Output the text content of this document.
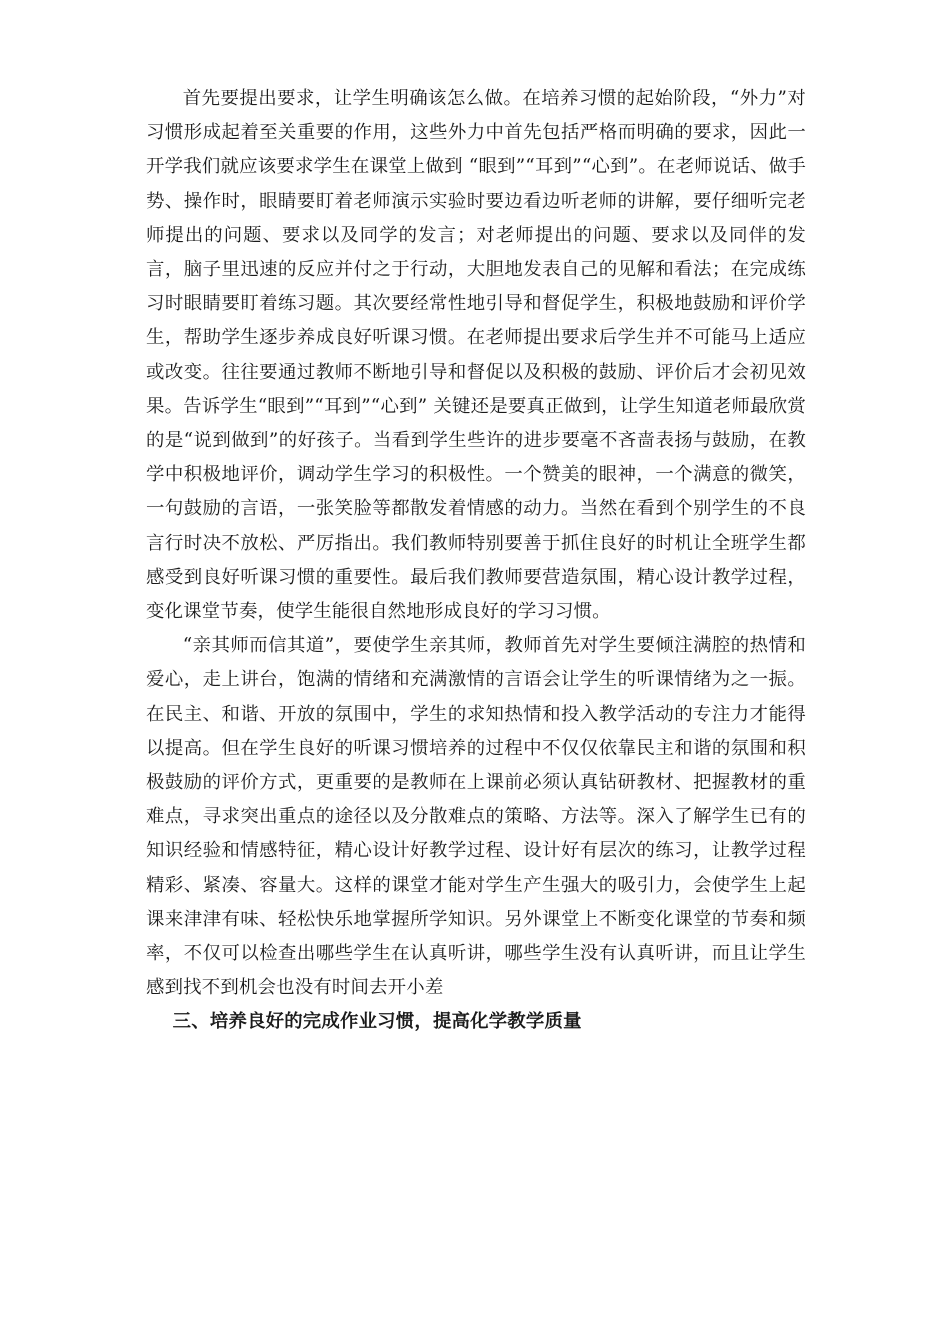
首先要提出要求，让学生明确该怎么做。在培养习惯的起始阶段，“外力”对习惯形成起着至关重要的作用，这些外力中首先包括严格而明确的要求，因此一开学我们就应该要求学生在课堂上做到 “眼到”“耳到”“心到”。在老师说话、做手势、操作时，眼睛要盯着老师演示实验时要边看边听老师的讲解，要仔细听完老师提出的问题、要求以及同学的发言；对老师提出的问题、要求以及同伴的发言，脑子里迅速的反应并付之于行动，大胆地发表自己的见解和看法；在完成练习时眼睛要盯着练习题。其次要经常性地引导和督促学生，积极地鼓励和评价学生，帮助学生逐步养成良好听课习惯。在老师提出要求后学生并不可能马上适应或改变。往往要通过教师不断地引导和督促以及积极的鼓励、评价后才会初见效果。告诉学生“眼到”“耳到”“心到” 关键还是要真正做到，让学生知道老师最欣赏的是“说到做到”的好孩子。当看到学生些许的进步要毫不吝啬表扬与鼓励，在教学中积极地评价，调动学生学习的积极性。一个赞美的眼神，一个满意的微笑，一句鼓励的言语，一张笑脸等都散发着情感的动力。当然在看到个别学生的不良言行时决不放松、严厉指出。我们教师特别要善于抓住良好的时机让全班学生都感受到良好听课习惯的重要性。最后我们教师要营造氛围，精心设计教学过程，变化课堂节奏，使学生能很自然地形成良好的学习习惯。

“亲其师而信其道”，要使学生亲其师，教师首先对学生要倾注满腔的热情和爱心，走上讲台，饱满的情绪和充满激情的言语会让学生的听课情绪为之一振。在民主、和谐、开放的氛围中，学生的求知热情和投入教学活动的专注力才能得以提高。但在学生良好的听课习惯培养的过程中不仅仅依靠民主和谐的氛围和积极鼓励的评价方式，更重要的是教师在上课前必须认真钻研教材、把握教材的重难点，寻求突出重点的途径以及分散难点的策略、方法等。深入了解学生已有的知识经验和情感特征，精心设计好教学过程、设计好有层次的练习，让教学过程精彩、紧凑、容量大。这样的课堂才能对学生产生强大的吸引力，会使学生上起课来津津有味、轻松快乐地掌握所学知识。另外课堂上不断变化课堂的节奏和频率，不仅可以检查出哪些学生在认真听讲，哪些学生没有认真听讲，而且让学生感到找不到机会也没有时间去开小差

三、培养良好的完成作业习惯，提高化学教学质量
